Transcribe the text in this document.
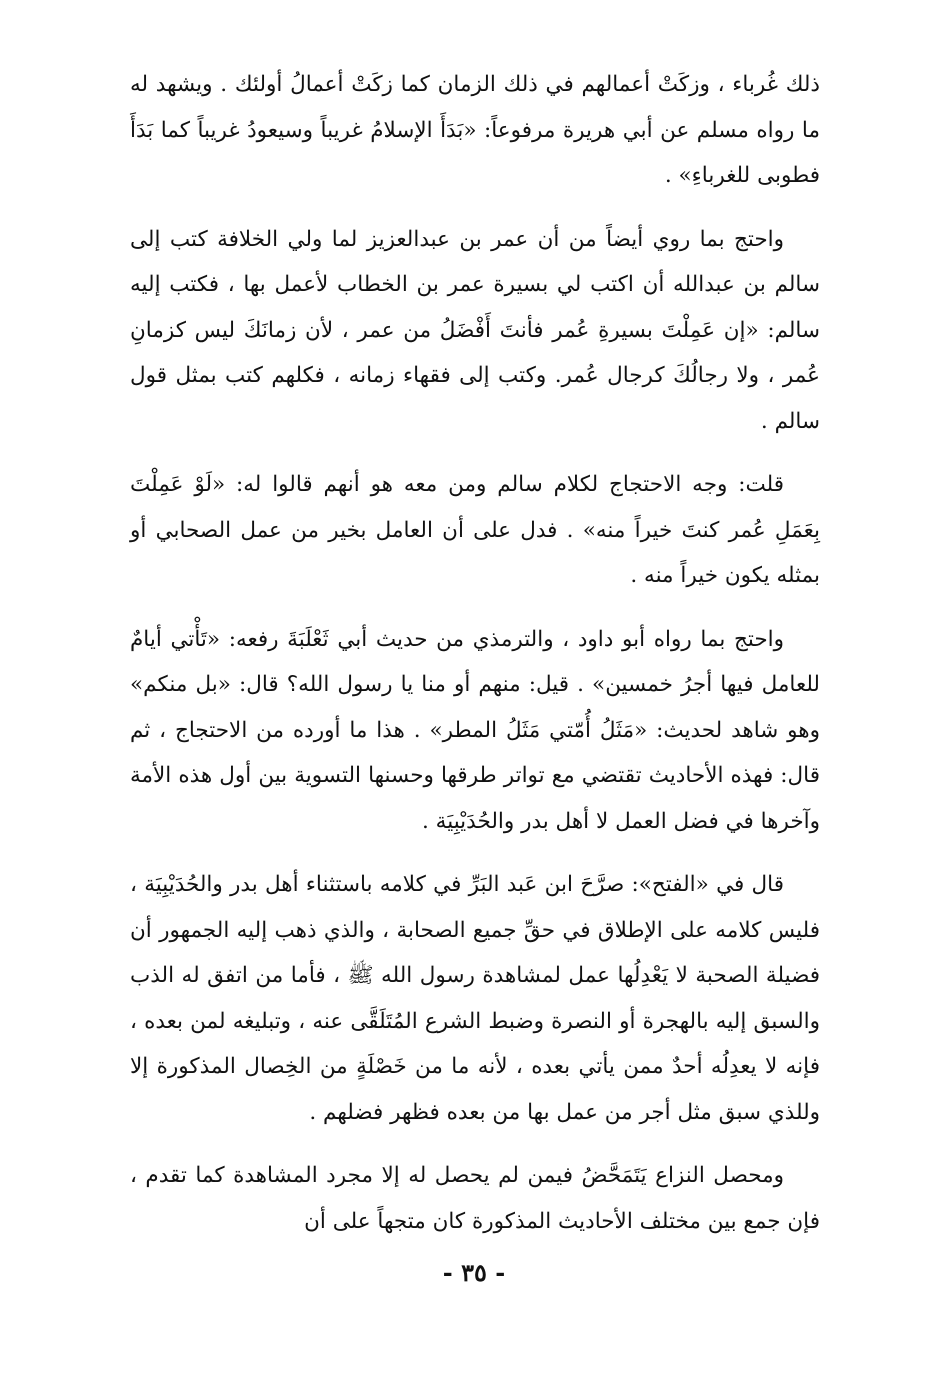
ذلك غُرباء ، وزكَتْ أعمالهم في ذلك الزمان كما زكَتْ أعمالُ أولئك . ويشهد له ما رواه مسلم عن أبي هريرة مرفوعاً: «بَدَأَ الإسلامُ غريباً وسيعودُ غريباً كما بَدَأَ فطوبى للغرباءِ» .

واحتج بما روي أيضاً من أن عمر بن عبدالعزيز لما ولي الخلافة كتب إلى سالم بن عبدالله أن اكتب لي بسيرة عمر بن الخطاب لأعمل بها ، فكتب إليه سالم: «إن عَمِلْتَ بسيرةِ عُمر فأنتَ أَفْضَلُ من عمر ، لأن زمانَكَ ليس كزمانِ عُمر ، ولا رجالُكَ كرجال عُمر. وكتب إلى فقهاء زمانه ، فكلهم كتب بمثل قول سالم .

قلت: وجه الاحتجاج لكلام سالم ومن معه هو أنهم قالوا له: «لَوْ عَمِلْتَ بِعَمَلِ عُمر كنتَ خيراً منه» . فدل على أن العامل بخير من عمل الصحابي أو بمثله يكون خيراً منه .

واحتج بما رواه أبو داود ، والترمذي من حديث أبي ثَعْلَبَةَ رفعه: «تَأْتي أيامٌ للعامل فيها أجرُ خمسين» . قيل: منهم أو منا يا رسول الله؟ قال: «بل منكم» وهو شاهد لحديث: «مَثَلُ أُمّتي مَثَلُ المطر» . هذا ما أورده من الاحتجاج ، ثم قال: فهذه الأحاديث تقتضي مع تواتر طرقها وحسنها التسوية بين أول هذه الأمة وآخرها في فضل العمل لا أهل بدر والحُدَيْبِيَة .

قال في «الفتح»: صرَّحَ ابن عَبد البَرِّ في كلامه باستثناء أهل بدر والحُدَيْبِيَة ، فليس كلامه على الإطلاق في حقِّ جميع الصحابة ، والذي ذهب إليه الجمهور أن فضيلة الصحبة لا يَعْدِلُها عمل لمشاهدة رسول الله ﷺ ، فأما من اتفق له الذب والسبق إليه بالهجرة أو النصرة وضبط الشرع المُتَلَقَّى عنه ، وتبليغه لمن بعده ، فإنه لا يعدِلُه أحدٌ ممن يأتي بعده ، لأنه ما من خَصْلَةٍ من الخِصال المذكورة إلا وللذي سبق مثل أجر من عمل بها من بعده فظهر فضلهم .

ومحصل النزاع يَتَمَحَّضُ فيمن لم يحصل له إلا مجرد المشاهدة كما تقدم ، فإن جمع بين مختلف الأحاديث المذكورة كان متجهاً على أن

- ٣٥ -
